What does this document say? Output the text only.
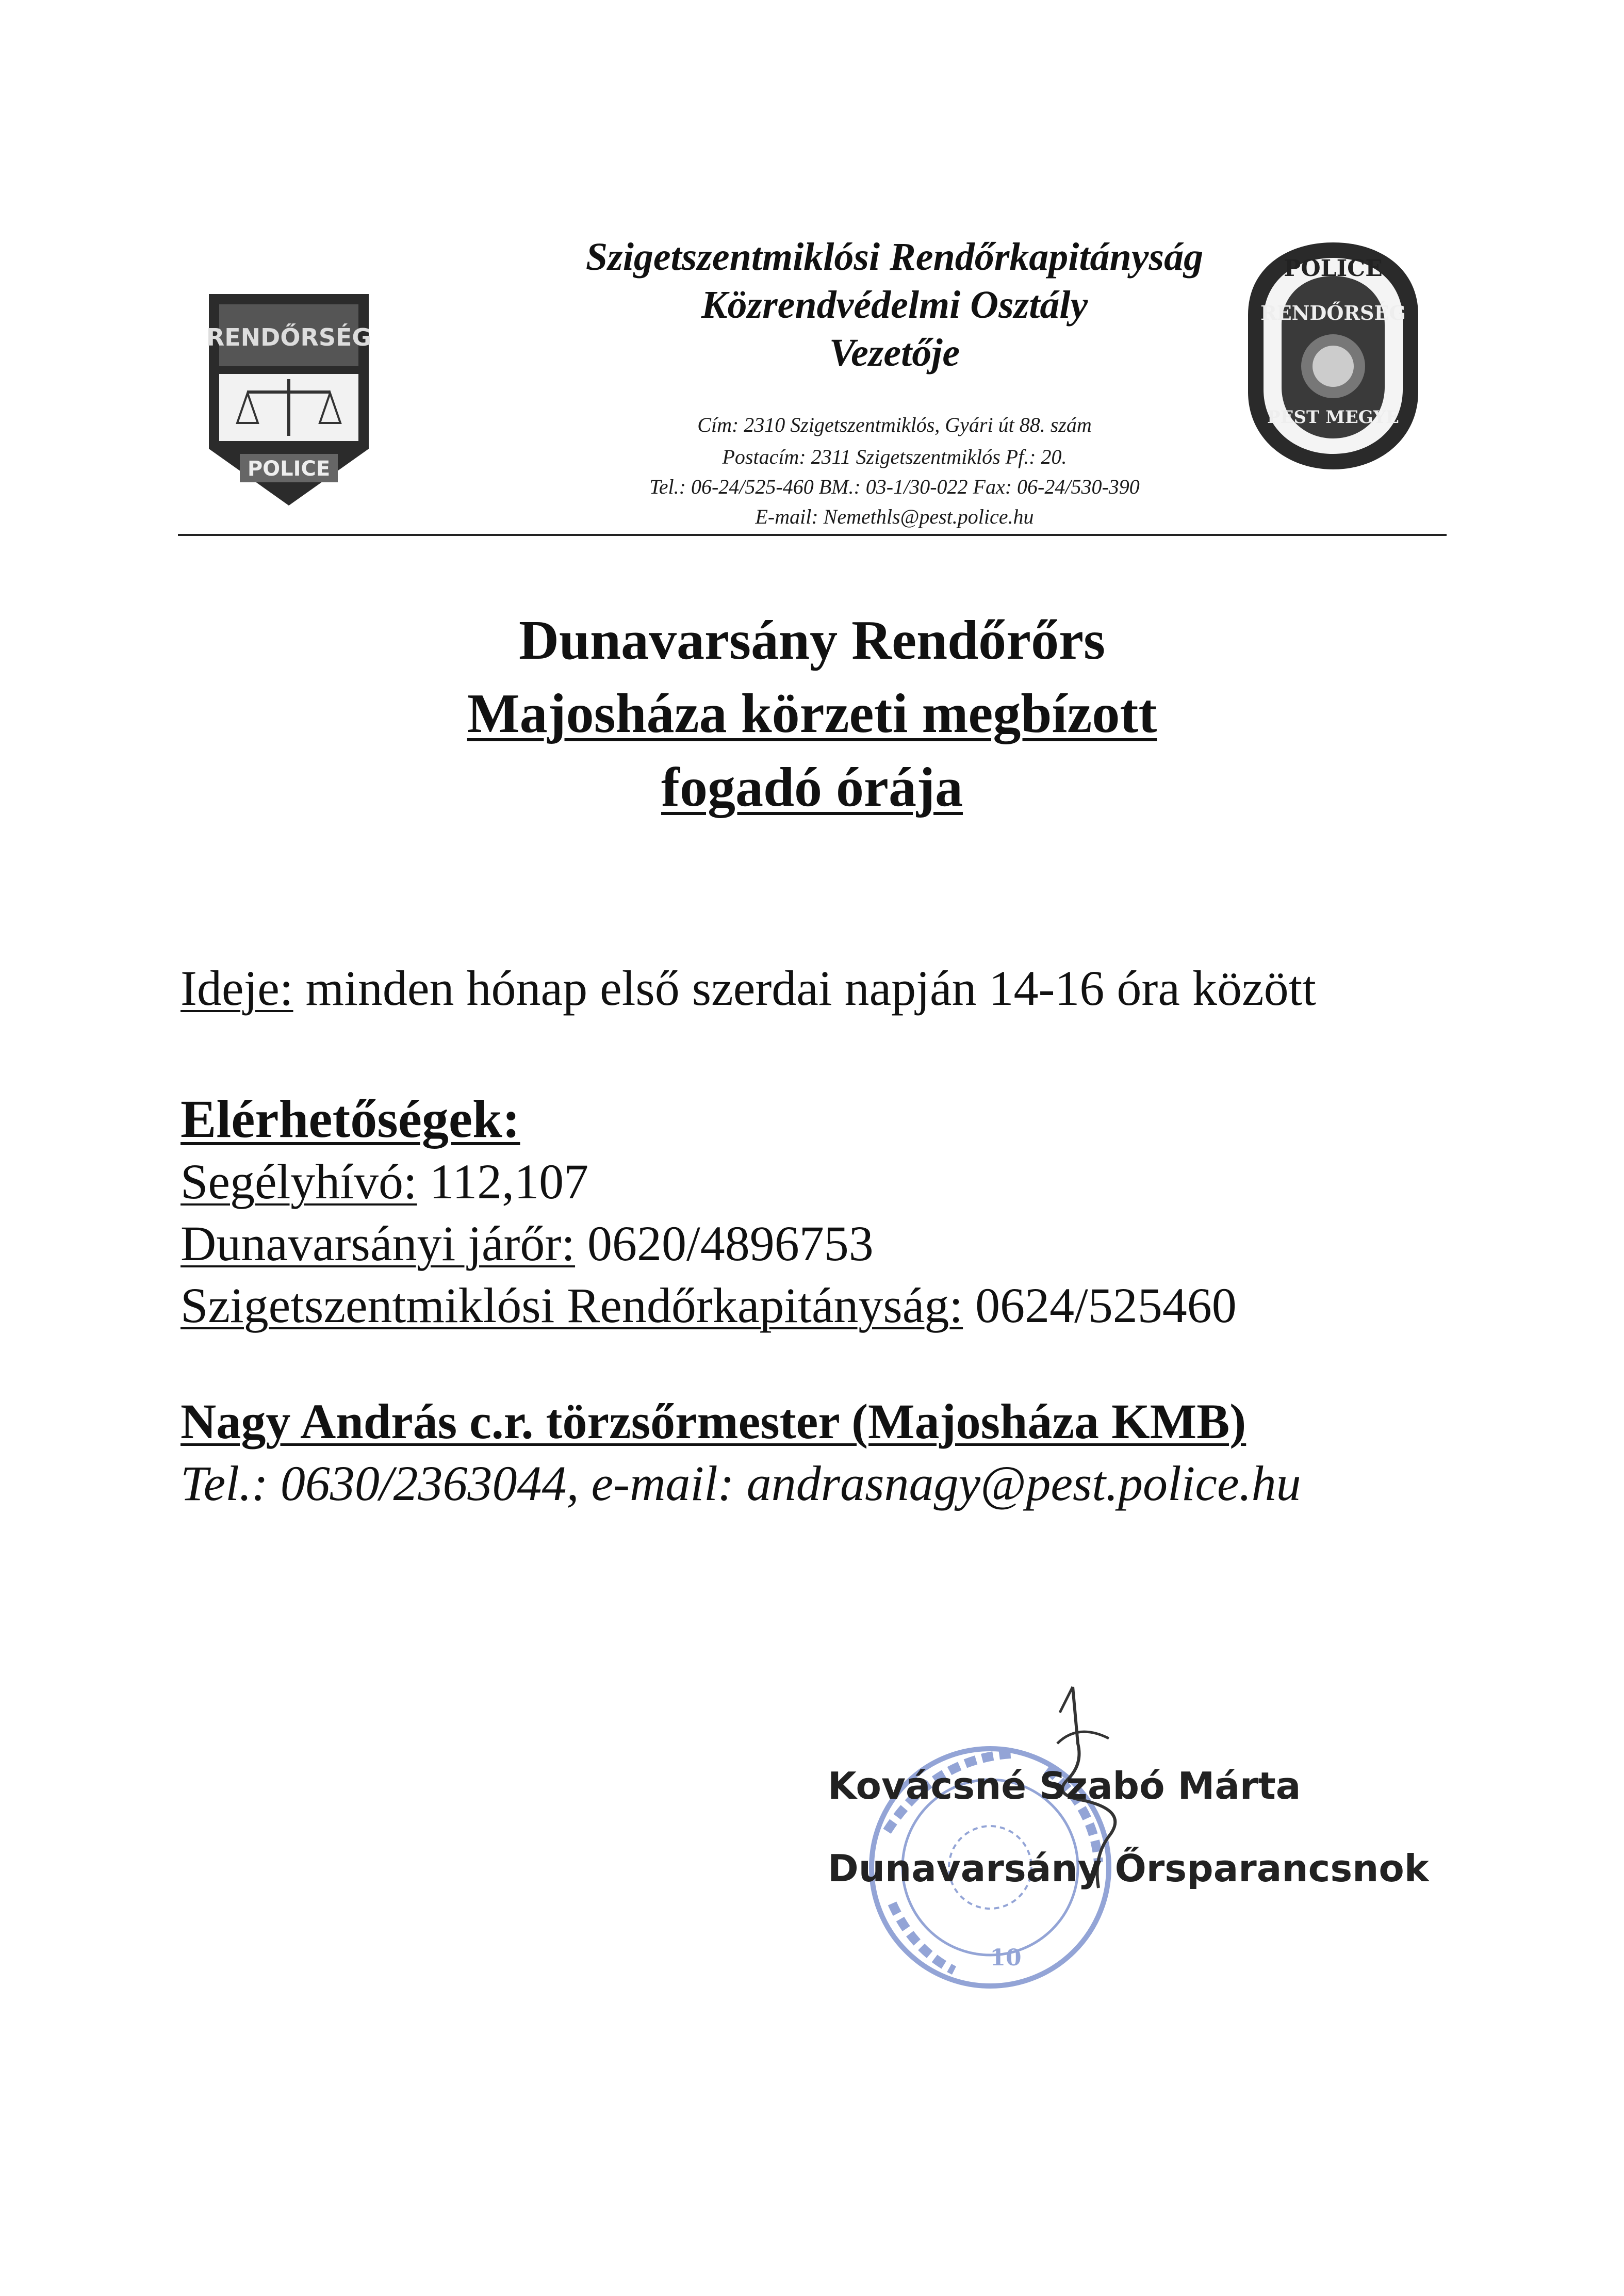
RENDŐRSÉG
POLICE
POLICE
RENDŐRSÉG
PEST MEGYE
Szigetszentmiklósi Rendőrkapitányság
Közrendvédelmi Osztály
Vezetője
Cím: 2310 Szigetszentmiklós, Gyári út 88. szám
Postacím: 2311 Szigetszentmiklós Pf.: 20.
Tel.: 06-24/525-460 BM.: 03-1/30-022 Fax: 06-24/530-390
E-mail: Nemethls@pest.police.hu
Dunavarsány Rendőrőrs
Majosháza körzeti megbízott
fogadó órája
Ideje: minden hónap első szerdai napján 14-16 óra között
Elérhetőségek:
Segélyhívó: 112,107
Dunavarsányi járőr: 0620/4896753
Szigetszentmiklósi Rendőrkapitányság: 0624/525460
Nagy András c.r. törzsőrmester (Majosháza KMB)
Tel.: 0630/2363044, e-mail: andrasnagy@pest.police.hu
10
Kovácsné Szabó Márta
Dunavarsány Őrsparancsnok
